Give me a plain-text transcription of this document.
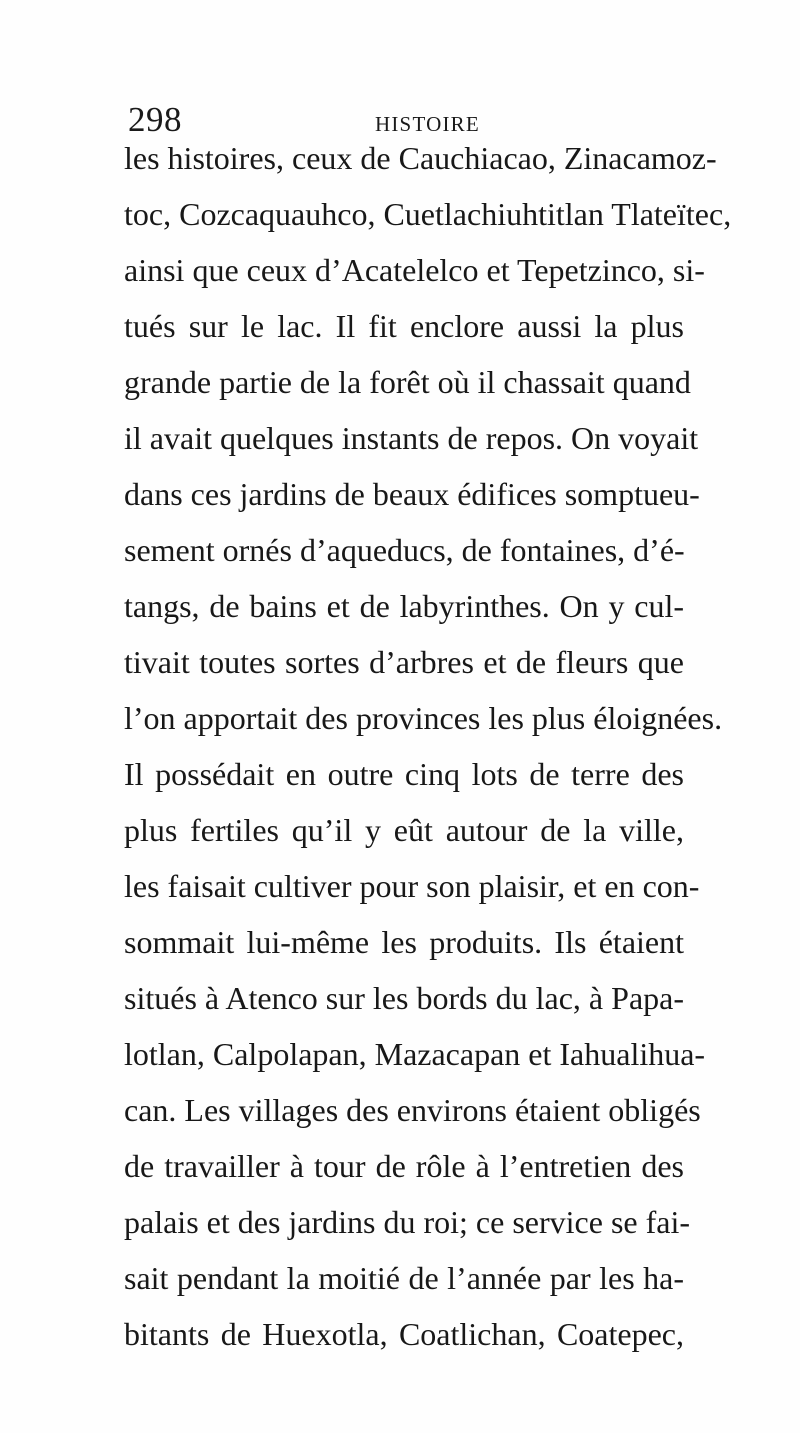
298	HISTOIRE
les histoires, ceux de Cauchiacao, Zinacamoz-
toc, Cozcaquauhco, Cuetlachiuhtitlan Tlateïtec,
ainsi que ceux d’Acatelelco et Tepetzinco, si-
tués sur le lac. Il fit enclore aussi la plus
grande partie de la forêt où il chassait quand
il avait quelques instants de repos. On voyait
dans ces jardins de beaux édifices somptueu-
sement ornés d’aqueducs, de fontaines, d’é-
tangs, de bains et de labyrinthes. On y cul-
tivait toutes sortes d’arbres et de fleurs que
l’on apportait des provinces les plus éloignées.
Il possédait en outre cinq lots de terre des
plus fertiles qu’il y eût autour de la ville,
les faisait cultiver pour son plaisir, et en con-
sommait lui-même les produits. Ils étaient
situés à Atenco sur les bords du lac, à Papa-
lotlan, Calpolapan, Mazacapan et Iahualihua-
can. Les villages des environs étaient obligés
de travailler à tour de rôle à l’entretien des
palais et des jardins du roi; ce service se fai-
sait pendant la moitié de l’année par les ha-
bitants de Huexotla, Coatlichan, Coatepec,
